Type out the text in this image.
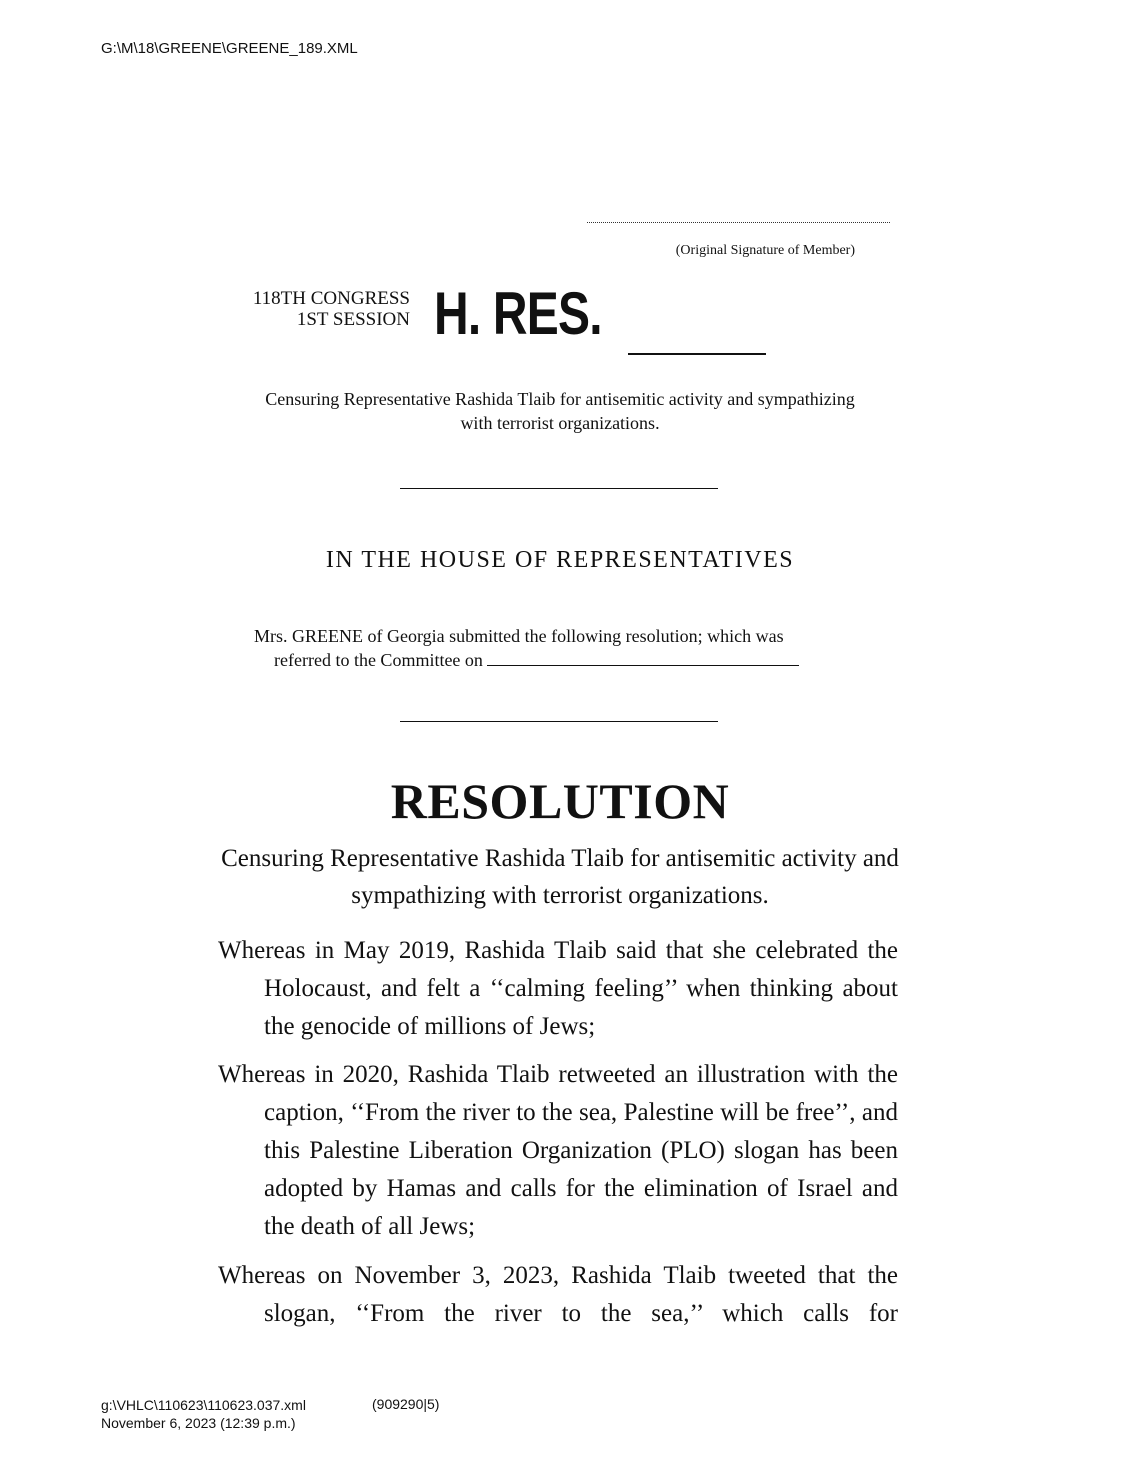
G:\M\18\GREENE\GREENE_189.XML
(Original Signature of Member)
118TH CONGRESS
1ST SESSION H. RES.
Censuring Representative Rashida Tlaib for antisemitic activity and sympathizing with terrorist organizations.
IN THE HOUSE OF REPRESENTATIVES
Mrs. GREENE of Georgia submitted the following resolution; which was
referred to the Committee on
RESOLUTION
Censuring Representative Rashida Tlaib for antisemitic activity and sympathizing with terrorist organizations.
Whereas in May 2019, Rashida Tlaib said that she celebrated the Holocaust, and felt a ‘‘calming feeling’’ when thinking about the genocide of millions of Jews;
Whereas in 2020, Rashida Tlaib retweeted an illustration with the caption, ‘‘From the river to the sea, Palestine will be free’’, and this Palestine Liberation Organization (PLO) slogan has been adopted by Hamas and calls for the elimination of Israel and the death of all Jews;
Whereas on November 3, 2023, Rashida Tlaib tweeted that the slogan, ‘‘From the river to the sea,’’ which calls for
g:\VHLC\110623\110623.037.xml
November 6, 2023 (12:39 p.m.)
(909290|5)
